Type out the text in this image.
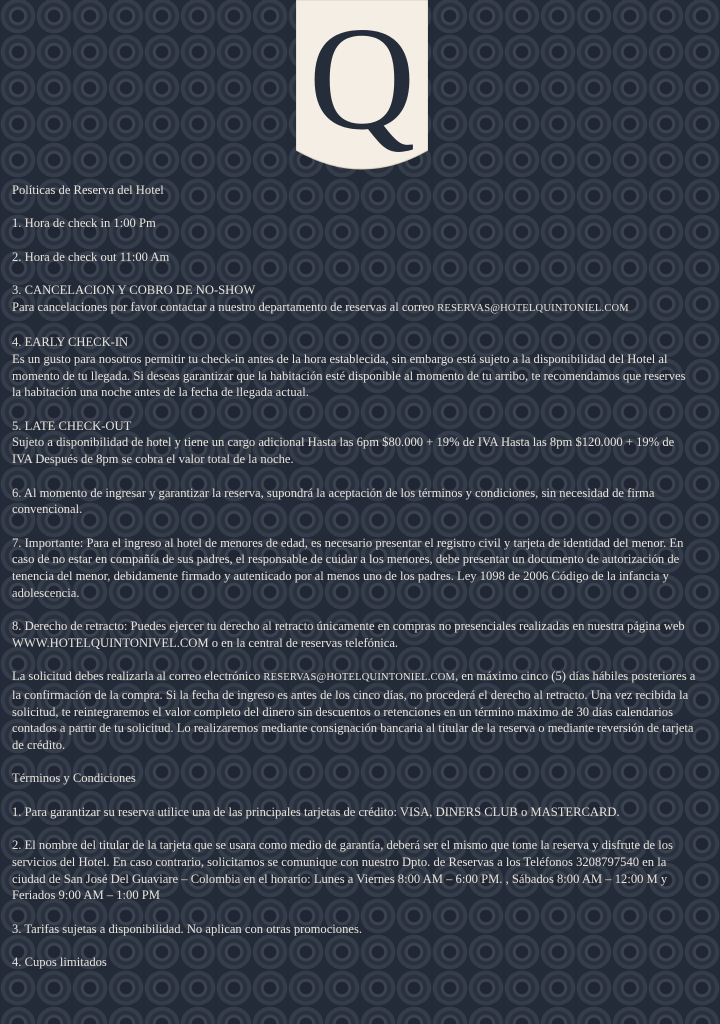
Q

Políticas de Reserva del Hotel

1. Hora de check in 1:00 Pm

2. Hora de check out 11:00 Am

3. CANCELACION Y COBRO DE NO-SHOW
Para cancelaciones por favor contactar a nuestro departamento de reservas al correo RESERVAS@HOTELQUINTONIEL.COM

4. EARLY CHECK-IN
Es un gusto para nosotros permitir tu check-in antes de la hora establecida, sin embargo está sujeto a la disponibilidad del Hotel al momento de tu llegada. Si deseas garantizar que la habitación esté disponible al momento de tu arribo, te recomendamos que reserves la habitación una noche antes de la fecha de llegada actual.

5. LATE CHECK-OUT
Sujeto a disponibilidad de hotel y tiene un cargo adicional Hasta las 6pm $80.000 + 19% de IVA Hasta las 8pm $120.000 + 19% de IVA Después de 8pm se cobra el valor total de la noche.

6. Al momento de ingresar y garantizar la reserva, supondrá la aceptación de los términos y condiciones, sin necesidad de firma convencional.

7. Importante: Para el ingreso al hotel de menores de edad, es necesario presentar el registro civil y tarjeta de identidad del menor. En caso de no estar en compañía de sus padres, el responsable de cuidar a los menores, debe presentar un documento de autorización de tenencia del menor, debidamente firmado y autenticado por al menos uno de los padres. Ley 1098 de 2006 Código de la infancia y adolescencia.

8. Derecho de retracto: Puedes ejercer tu derecho al retracto únicamente en compras no presenciales realizadas en nuestra página web WWW.HOTELQUINTONIVEL.COM o en la central de reservas telefónica.

La solicitud debes realizarla al correo electrónico RESERVAS@HOTELQUINTONIEL.COM, en máximo cinco (5) días hábiles posteriores a la confirmación de la compra. Si la fecha de ingreso es antes de los cinco días, no procederá el derecho al retracto. Una vez recibida la solicitud, te reintegraremos el valor completo del dinero sin descuentos o retenciones en un término máximo de 30 días calendarios contados a partir de tu solicitud. Lo realizaremos mediante consignación bancaria al titular de la reserva o mediante reversión de tarjeta de crédito.

Términos y Condiciones

1. Para garantizar su reserva utilice una de las principales tarjetas de crédito: VISA, DINERS CLUB o MASTERCARD.

2. El nombre del titular de la tarjeta que se usara como medio de garantía, deberá ser el mismo que tome la reserva y disfrute de los servicios del Hotel. En caso contrario, solicitamos se comunique con nuestro Dpto. de Reservas a los Teléfonos 3208797540 en la ciudad de San José Del Guaviare – Colombia en el horario: Lunes a Viernes 8:00 AM – 6:00 PM. , Sábados 8:00 AM – 12:00 M y Feriados 9:00 AM – 1:00 PM

3. Tarifas sujetas a disponibilidad. No aplican con otras promociones.

4. Cupos limitados
